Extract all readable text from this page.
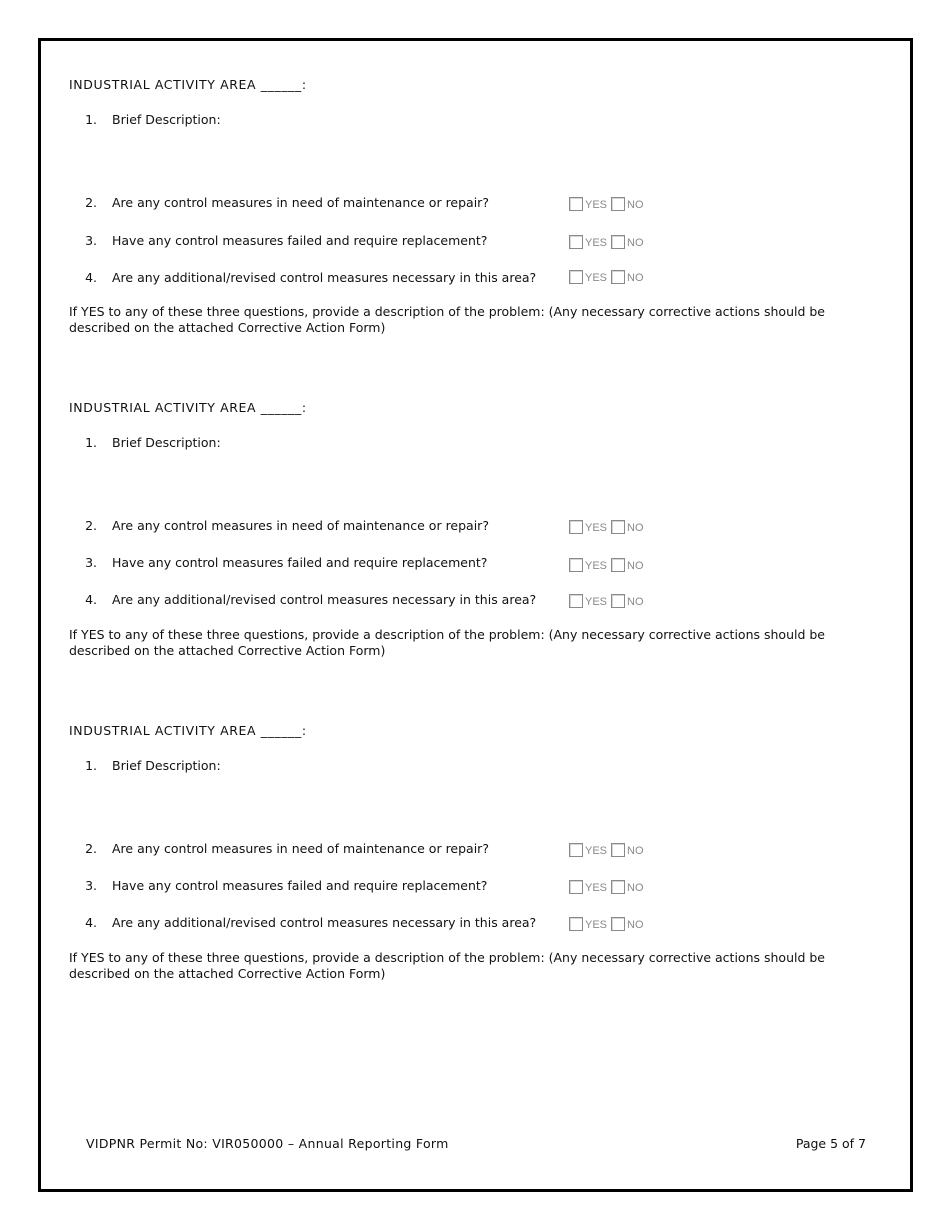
INDUSTRIAL ACTIVITY AREA ______:
1. Brief Description:
2. Are any control measures in need of maintenance or repair?	YES NO
3. Have any control measures failed and require replacement?	YES NO
4. Are any additional/revised control measures necessary in this area?	YES NO
If YES to any of these three questions, provide a description of the problem: (Any necessary corrective actions should be described on the attached Corrective Action Form)
INDUSTRIAL ACTIVITY AREA ______:
1. Brief Description:
2. Are any control measures in need of maintenance or repair?	YES NO
3. Have any control measures failed and require replacement?	YES NO
4. Are any additional/revised control measures necessary in this area?	YES NO
If YES to any of these three questions, provide a description of the problem: (Any necessary corrective actions should be described on the attached Corrective Action Form)
INDUSTRIAL ACTIVITY AREA ______:
1. Brief Description:
2. Are any control measures in need of maintenance or repair?	YES NO
3. Have any control measures failed and require replacement?	YES NO
4. Are any additional/revised control measures necessary in this area?	YES NO
If YES to any of these three questions, provide a description of the problem: (Any necessary corrective actions should be described on the attached Corrective Action Form)
VIDPNR Permit No: VIR050000 – Annual Reporting Form	Page 5 of 7
